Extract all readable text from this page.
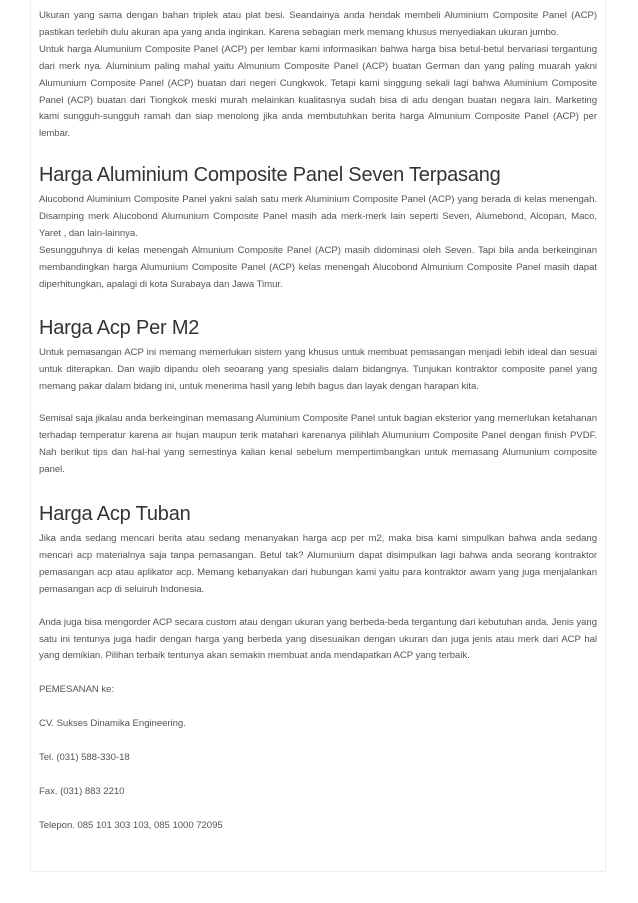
Ukuran yang sama dengan bahan triplek atau plat besi. Seandainya anda hendak membeli Aluminium Composite Panel (ACP) pastikan terlebih dulu akuran apa yang anda inginkan. Karena sebagian merk memang khusus menyediakan ukuran jumbo.

Untuk harga Alumunium Composite Panel (ACP) per lembar kami informasikan bahwa harga bisa betul-betul bervariasi tergantung dari merk nya. Aluminium paling mahal yaitu Almunium Composite Panel (ACP) buatan German dan yang paling muarah yakni Alumunium Composite Panel (ACP) buatan dari negeri Cungkwok. Tetapi kami singgung sekali lagi bahwa Aluminium Composite Panel (ACP) buatan dari Tiongkok meski murah melainkan kualitasnya sudah bisa di adu dengan buatan negara lain. Marketing kami sungguh-sungguh ramah dan siap menolong jika anda membutuhkan berita harga Almunium Composite Panel (ACP) per lembar.

Harga Aluminium Composite Panel Seven Terpasang

Alucobond Aluminium Composite Panel yakni salah satu merk Aluminium Composite Panel (ACP) yang berada di kelas menengah. Disamping merk Alucobond Alumunium Composite Panel masih ada merk-merk lain seperti Seven, Alumebond, Alcopan, Maco, Yaret , dan lain-lainnya.

Sesungguhnya di kelas menengah Almunium Composite Panel (ACP) masih didominasi oleh Seven. Tapi bila anda berkeinginan membandingkan harga Alumunium Composite Panel (ACP) kelas menengah Alucobond Almunium Composite Panel masih dapat diperhitungkan, apalagi di kota Surabaya dan Jawa Timur.

Harga Acp Per M2

Untuk pemasangan ACP ini memang memerlukan sistem yang khusus untuk membuat pemasangan menjadi lebih ideal dan sesuai untuk diterapkan. Dan wajib dipandu oleh seoarang yang spesialis dalam bidangnya. Tunjukan kontraktor composite panel yang memang pakar dalam bidang ini, untuk menerima hasil yang lebih bagus dan layak dengan harapan kita.

Semisal saja jikalau anda berkeinginan memasang Aluminium Composite Panel untuk bagian eksterior yang memerlukan ketahanan terhadap temperatur karena air hujan maupun terik matahari karenanya pilihlah Alumunium Composite Panel dengan finish PVDF. Nah berikut tips dan hal-hal yang semestinya kalian kenal sebelum mempertimbangkan untuk memasang Alumunium composite panel.

Harga Acp Tuban

Jika anda sedang mencari berita atau sedang menanyakan harga acp per m2, maka bisa kami simpulkan bahwa anda sedang mencari acp materialnya saja tanpa pemasangan. Betul tak? Alumunium dapat disimpulkan lagi bahwa anda seorang kontraktor pemasangan acp atau aplikator acp. Memang kebanyakan dari hubungan kami yaitu para kontraktor awam yang juga menjalankan pemasangan acp di seluiruh Indonesia.

Anda juga bisa mengorder ACP secara custom atau dengan ukuran yang berbeda-beda tergantung dari kebutuhan anda. Jenis yang satu ini tentunya juga hadir dengan harga yang berbeda yang disesuaikan dengan ukuran dan juga jenis atau merk dari ACP hal yang demikian. Pilihan terbaik tentunya akan semakin membuat anda mendapatkan ACP yang terbaik.

PEMESANAN ke:

CV. Sukses Dinamika Engineering.

Tel. (031) 588-330-18

Fax. (031) 883 2210

Telepon. 085 101 303 103, 085 1000 72095
